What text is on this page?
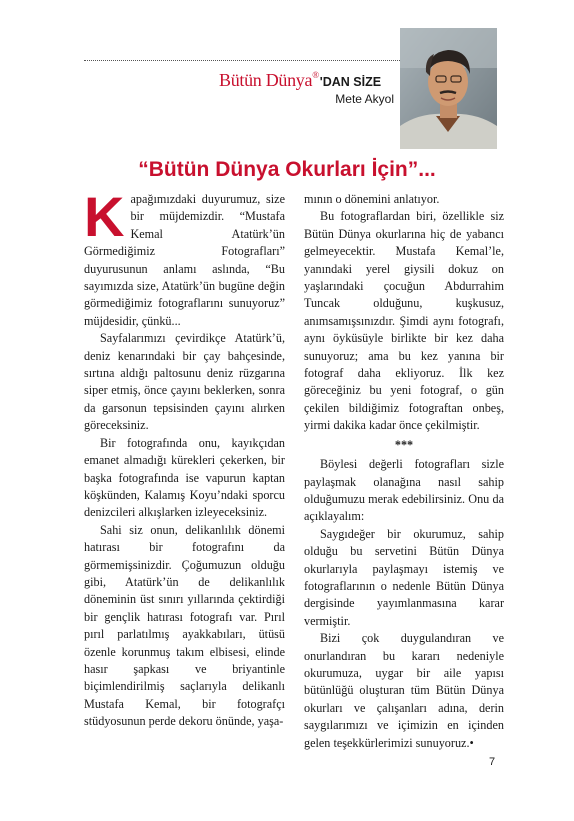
Bütün Dünya®'DAN SİZE
Mete Akyol
“Bütün Dünya Okurları İçin”...

Kapağımızdaki duyurumuz, size bir müjdemizdir. “Mustafa Kemal Atatürk’ün Görmediğimiz Fotografları” duyurusunun anlamı aslında, “Bu sayımızda size, Atatürk’ün bugüne değin görmediğimiz fotograflarını sunuyoruz” müjdesidir, çünkü...

Sayfalarımızı çevirdikçe Atatürk’ü, deniz kenarındaki bir çay bahçesinde, sırtına aldığı paltosunu deniz rüzgarına siper etmiş, önce çayını beklerken, sonra da garsonun tepsisinden çayını alırken göreceksiniz.

Bir fotografında onu, kayıkçıdan emanet almadığı kürekleri çekerken, bir başka fotografında ise vapurun kaptan köşkünden, Kalamış Koyu’ndaki sporcu denizcileri alkışlarken izleyeceksiniz.

Sahi siz onun, delikanlılık dönemi hatırası bir fotografını da görmemişsinizdir. Çoğumuzun olduğu gibi, Atatürk’ün de delikanlılık döneminin üst sınırı yıllarında çektirdiği bir gençlik hatırası fotografı var. Pırıl pırıl parlatılmış ayakkabıları, ütüsü özenle korunmuş takım elbisesi, elinde hasır şapkası ve briyantinle biçimlendirilmiş saçlarıyla delikanlı Mustafa Kemal, bir fotografçı stüdyosunun perde dekoru önünde, yaşa-

mının o dönemini anlatıyor.

Bu fotograflardan biri, özellikle siz Bütün Dünya okurlarına hiç de yabancı gelmeyecektir. Mustafa Kemal’le, yanındaki yerel giysili dokuz on yaşlarındaki çocuğun Abdurrahim Tuncak olduğunu, kuşkusuz, anımsamışsınızdır. Şimdi aynı fotografı, aynı öyküsüyle birlikte bir kez daha sunuyoruz; ama bu kez yanına bir fotograf daha ekliyoruz. İlk kez göreceğiniz bu yeni fotograf, o gün çekilen bildiğimiz fotograftan onbeş, yirmi dakika kadar önce çekilmiştir.

***

Böylesi değerli fotografları sizle paylaşmak olanağına nasıl sahip olduğumuzu merak edebilirsiniz. Onu da açıklayalım:

Saygıdeğer bir okurumuz, sahip olduğu bu servetini Bütün Dünya okurlarıyla paylaşmayı istemiş ve fotograflarının o nedenle Bütün Dünya dergisinde yayımlanmasına karar vermiştir.

Bizi çok duygulandıran ve onurlandıran bu kararı nedeniyle okurumuza, uygar bir aile yapısı bütünlüğü oluşturan tüm Bütün Dünya okurları ve çalışanları adına, derin saygılarımızı ve içimizin en içinden gelen teşekkürlerimizi sunuyoruz.•

7
